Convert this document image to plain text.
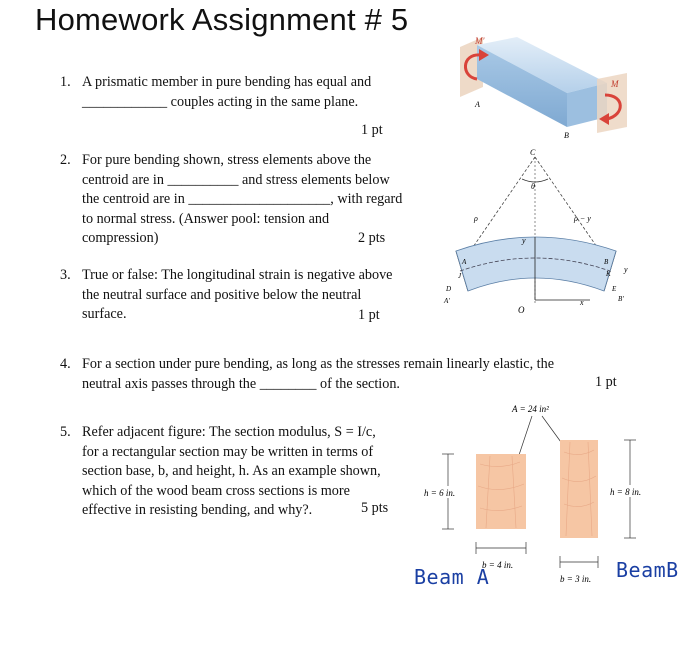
Homework Assignment # 5
1. A prismatic member in pure bending has equal and
____________ couples acting in the same plane.
1 pt
2. For pure bending shown, stress elements above the
centroid are in __________ and stress elements below
the centroid are in ____________________, with regard
to normal stress. (Answer pool: tension and
compression)	2 pts
3. True or false: The longitudinal strain is negative above
the neutral surface and positive below the neutral
surface.	1 pt
4. For a section under pure bending, as long as the stresses remain linearly elastic, the
neutral axis passes through the ________ of the section.	1 pt
5. Refer adjacent figure: The section modulus, S = I/c,
for a rectangular section may be written in terms of
section base, b, and height, h. As an example shown,
which of the wood beam cross sections is more
effective in resisting bending, and why?.	5 pts
M'
M
A
B
C
θ
ρ	ρ − y
y
A
J
D
A'
B
K y
E
B'
x
O
A = 24 in²
h = 6 in.
b = 4 in.
h = 8 in.
b = 3 in.
Beam A	BeamB
